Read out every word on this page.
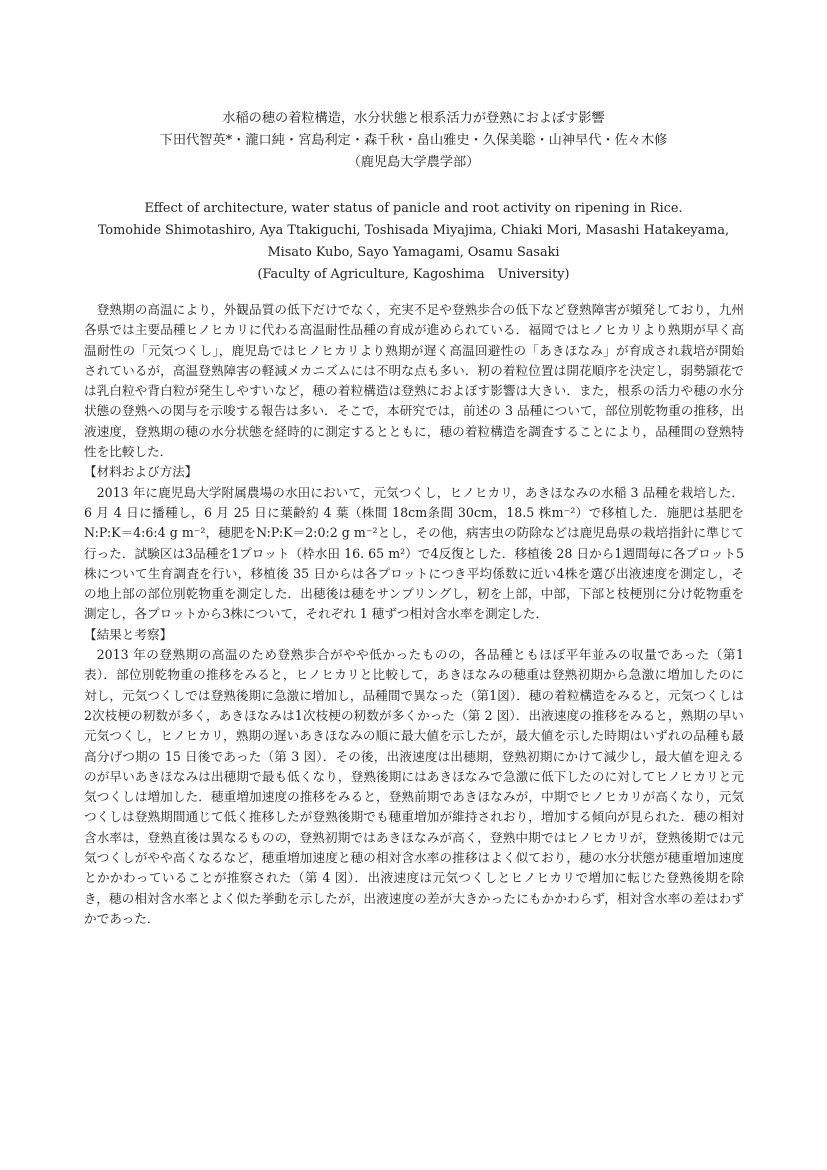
水稲の穂の着粒構造，水分状態と根系活力が登熟におよぼす影響
下田代智英*・瀧口純・宮島利定・森千秋・畠山雅史・久保美聡・山神早代・佐々木修
（鹿児島大学農学部）
Effect of architecture, water status of panicle and root activity on ripening in Rice.
Tomohide Shimotashiro, Aya Ttakiguchi, Toshisada Miyajima, Chiaki Mori, Masashi Hatakeyama,
Misato Kubo, Sayo Yamagami, Osamu Sasaki
(Faculty of Agriculture, Kagoshima　University)

登熟期の高温により，外観品質の低下だけでなく，充実不足や登熟歩合の低下など登熟障害が頻発しており，九州各県では主要品種ヒノヒカリに代わる高温耐性品種の育成が進められている．福岡ではヒノヒカリより熟期が早く高温耐性の「元気つくし」，鹿児島ではヒノヒカリより熟期が遅く高温回避性の「あきほなみ」が育成され栽培が開始されているが，高温登熟障害の軽減メカニズムには不明な点も多い．籾の着粒位置は開花順序を決定し，弱勢頴花では乳白粒や背白粒が発生しやすいなど，穂の着粒構造は登熟におよぼす影響は大きい．また，根系の活力や穂の水分状態の登熟への関与を示唆する報告は多い．そこで，本研究では，前述の 3 品種について，部位別乾物重の推移，出液速度，登熟期の穂の水分状態を経時的に測定するとともに，穂の着粒構造を調査することにより，品種間の登熟特性を比較した．

【材料および方法】

2013 年に鹿児島大学附属農場の水田において，元気つくし，ヒノヒカリ，あきほなみの水稲 3 品種を栽培した．6 月 4 日に播種し，6 月 25 日に葉齢約 4 葉（株間 18cm条間 30cm，18.5 株m⁻²）で移植した．施肥は基肥をN:P:K＝4:6:4 g m⁻²，穂肥をN:P:K＝2:0:2 g m⁻²とし，その他，病害虫の防除などは鹿児島県の栽培指針に準じて行った．試験区は3品種を1プロット（枠水田 16. 65 m²）で4反復とした．移植後 28 日から1週間毎に各プロット5株について生育調査を行い，移植後 35 日からは各プロットにつき平均係数に近い4株を選び出液速度を測定し，その地上部の部位別乾物重を測定した．出穂後は穂をサンプリングし，籾を上部，中部，下部と枝梗別に分け乾物重を測定し，各プロットから3株について，それぞれ 1 穂ずつ相対含水率を測定した．

【結果と考察】

2013 年の登熟期の高温のため登熟歩合がやや低かったものの，各品種ともほぼ平年並みの収量であった（第1表）．部位別乾物重の推移をみると，ヒノヒカリと比較して，あきほなみの穂重は登熟初期から急激に増加したのに対し，元気つくしでは登熟後期に急激に増加し，品種間で異なった（第1図）．穂の着粒構造をみると，元気つくしは2次枝梗の籾数が多く，あきほなみは1次枝梗の籾数が多くかった（第 2 図）．出液速度の推移をみると，熟期の早い元気つくし，ヒノヒカリ，熟期の遅いあきほなみの順に最大値を示したが，最大値を示した時期はいずれの品種も最高分げつ期の 15 日後であった（第 3 図）．その後，出液速度は出穂期，登熟初期にかけて減少し，最大値を迎えるのが早いあきほなみは出穂期で最も低くなり，登熟後期にはあきほなみで急激に低下したのに対してヒノヒカリと元気つくしは増加した．穂重増加速度の推移をみると，登熟前期であきほなみが，中期でヒノヒカリが高くなり，元気つくしは登熟期間通じて低く推移したが登熟後期でも穂重増加が維持されおり，増加する傾向が見られた．穂の相対含水率は，登熟直後は異なるものの，登熟初期ではあきほなみが高く，登熟中期ではヒノヒカリが，登熟後期では元気つくしがやや高くなるなど，穂重増加速度と穂の相対含水率の推移はよく似ており，穂の水分状態が穂重増加速度とかかわっていることが推察された（第 4 図）．出液速度は元気つくしとヒノヒカリで増加に転じた登熟後期を除き，穂の相対含水率とよく似た挙動を示したが，出液速度の差が大きかったにもかかわらず，相対含水率の差はわずかであった．
